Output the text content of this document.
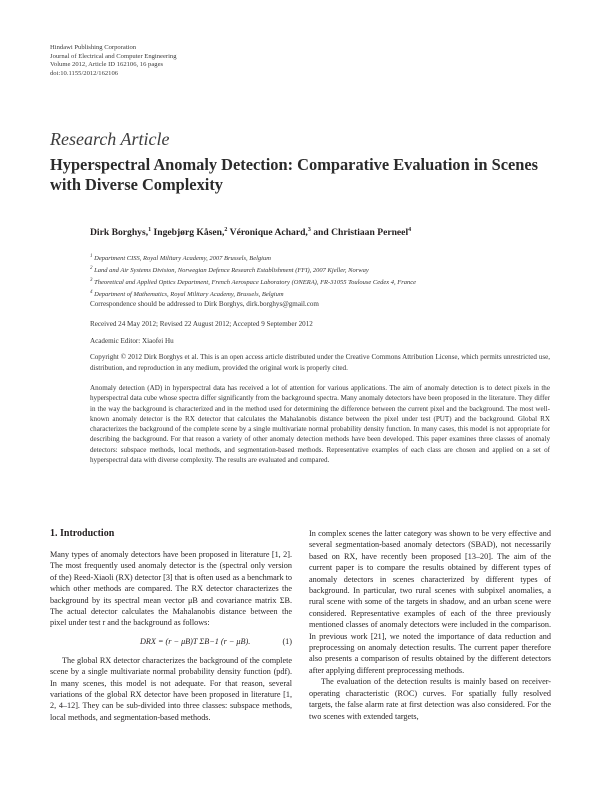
Hindawi Publishing Corporation
Journal of Electrical and Computer Engineering
Volume 2012, Article ID 162106, 16 pages
doi:10.1155/2012/162106
Research Article
Hyperspectral Anomaly Detection: Comparative Evaluation in Scenes with Diverse Complexity
Dirk Borghys,$^1$ Ingebjørg Kåsen,$^2$ Véronique Achard,$^3$ and Christiaan Perneel$^4$
$^1$ Department CISS, Royal Military Academy, 2007 Brussels, Belgium
$^2$ Land and Air Systems Division, Norwegian Defence Research Establishment (FFI), 2007 Kjeller, Norway
$^3$ Theoretical and Applied Optics Department, French Aerospace Laboratory (ONERA), FR-31055 Toulouse Cedex 4, France
$^4$ Department of Mathematics, Royal Military Academy, Brussels, Belgium
Correspondence should be addressed to Dirk Borghys, dirk.borghys@gmail.com
Received 24 May 2012; Revised 22 August 2012; Accepted 9 September 2012
Academic Editor: Xiaofei Hu
Copyright © 2012 Dirk Borghys et al. This is an open access article distributed under the Creative Commons Attribution License, which permits unrestricted use, distribution, and reproduction in any medium, provided the original work is properly cited.
Anomaly detection (AD) in hyperspectral data has received a lot of attention for various applications. The aim of anomaly detection is to detect pixels in the hyperspectral data cube whose spectra differ significantly from the background spectra. Many anomaly detectors have been proposed in the literature. They differ in the way the background is characterized and in the method used for determining the difference between the current pixel and the background. The most well-known anomaly detector is the RX detector that calculates the Mahalanobis distance between the pixel under test (PUT) and the background. Global RX characterizes the background of the complete scene by a single multivariate normal probability density function. In many cases, this model is not appropriate for describing the background. For that reason a variety of other anomaly detection methods have been developed. This paper examines three classes of anomaly detectors: subspace methods, local methods, and segmentation-based methods. Representative examples of each class are chosen and applied on a set of hyperspectral data with diverse complexity. The results are evaluated and compared.
1. Introduction

Many types of anomaly detectors have been proposed in literature [1, 2]. The most frequently used anomaly detector is the (spectral only version of the) Reed-Xiaoli (RX) detector [3] that is often used as a benchmark to which other methods are compared. The RX detector characterizes the background by its spectral mean vector μB and covariance matrix ΣB. The actual detector calculates the Mahalanobis distance between the pixel under test r and the background as follows:

DRX = (r − μB)T ΣB−1 (r − μB).	(1)

The global RX detector characterizes the background of the complete scene by a single multivariate normal probability density function (pdf). In many scenes, this model is not adequate. For that reason, several variations of the global RX detector have been proposed in literature [1, 2, 4–12]. They can be sub-divided into three classes: subspace methods, local methods, and segmentation-based methods.

In complex scenes the latter category was shown to be very effective and several segmentation-based anomaly detectors (SBAD), not necessarily based on RX, have recently been proposed [13–20]. The aim of the current paper is to compare the results obtained by different types of anomaly detectors in scenes characterized by different types of background. In particular, two rural scenes with subpixel anomalies, a rural scene with some of the targets in shadow, and an urban scene were considered. Representative examples of each of the three previously mentioned classes of anomaly detectors were included in the comparison. In previous work [21], we noted the importance of data reduction and preprocessing on anomaly detection results. The current paper therefore also presents a comparison of results obtained by the different detectors after applying different preprocessing methods.

The evaluation of the detection results is mainly based on receiver-operating characteristic (ROC) curves. For spatially fully resolved targets, the false alarm rate at first detection was also considered. For the two scenes with extended targets,
